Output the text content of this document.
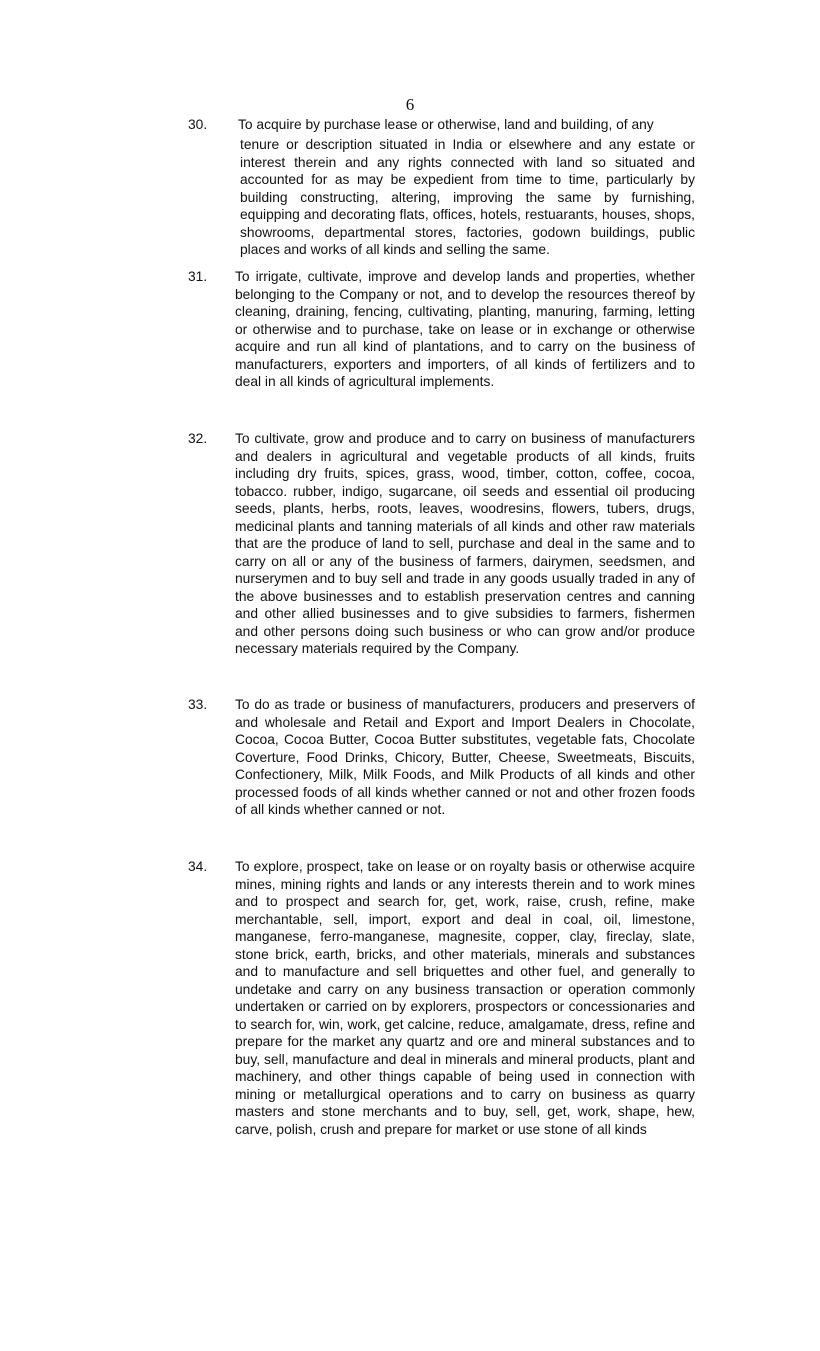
6
30.	To acquire by purchase lease or otherwise, land and building, of any
tenure or description situated in India or elsewhere and any estate or interest therein and any rights connected with land so situated and accounted for as may be expedient from time to time, particularly by building constructing, altering, improving the same by furnishing, equipping and decorating flats, offices, hotels, restuarants, houses, shops, showrooms, departmental stores, factories, godown buildings, public places and works of all kinds and selling the same.
31.	To irrigate, cultivate, improve and develop lands and properties, whether belonging to the Company or not, and to develop the resources thereof by cleaning, draining, fencing, cultivating, planting, manuring, farming, letting or otherwise and to purchase, take on lease or in exchange or otherwise acquire and run all kind of plantations, and to carry on the business of manufacturers, exporters and importers, of all kinds of fertilizers and to deal in all kinds of agricultural implements.
32.	To cultivate, grow and produce and to carry on business of manufacturers and dealers in agricultural and vegetable products of all kinds, fruits including dry fruits, spices, grass, wood, timber, cotton, coffee, cocoa, tobacco. rubber, indigo, sugarcane, oil seeds and essential oil producing seeds, plants, herbs, roots, leaves, woodresins, flowers, tubers, drugs, medicinal plants and tanning materials of all kinds and other raw materials that are the produce of land to sell, purchase and deal in the same and to carry on all or any of the business of farmers, dairymen, seedsmen, and nurserymen and to buy sell and trade in any goods usually traded in any of the above businesses and to establish preservation centres and canning and other allied businesses and to give subsidies to farmers, fishermen and other persons doing such business or who can grow and/or produce necessary materials required by the Company.
33.	To do as trade or business of manufacturers, producers and preservers of and wholesale and Retail and Export and Import Dealers in Chocolate, Cocoa, Cocoa Butter, Cocoa Butter substitutes, vegetable fats, Chocolate Coverture, Food Drinks, Chicory, Butter, Cheese, Sweetmeats, Biscuits, Confectionery, Milk, Milk Foods, and Milk Products of all kinds and other processed foods of all kinds whether canned or not and other frozen foods of all kinds whether canned or not.
34.	To explore, prospect, take on lease or on royalty basis or otherwise acquire mines, mining rights and lands or any interests therein and to work mines and to prospect and search for, get, work, raise, crush, refine, make merchantable, sell, import, export and deal in coal, oil, limestone, manganese, ferro-manganese, magnesite, copper, clay, fireclay, slate, stone brick, earth, bricks, and other materials, minerals and substances and to manufacture and sell briquettes and other fuel, and generally to undetake and carry on any business transaction or operation commonly undertaken or carried on by explorers, prospectors or concessionaries and to search for, win, work, get calcine, reduce, amalgamate, dress, refine and prepare for the market any quartz and ore and mineral substances and to buy, sell, manufacture and deal in minerals and mineral products, plant and machinery, and other things capable of being used in connection with mining or metallurgical operations and to carry on business as quarry masters and stone merchants and to buy, sell, get, work, shape, hew, carve, polish, crush and prepare for market or use stone of all kinds
